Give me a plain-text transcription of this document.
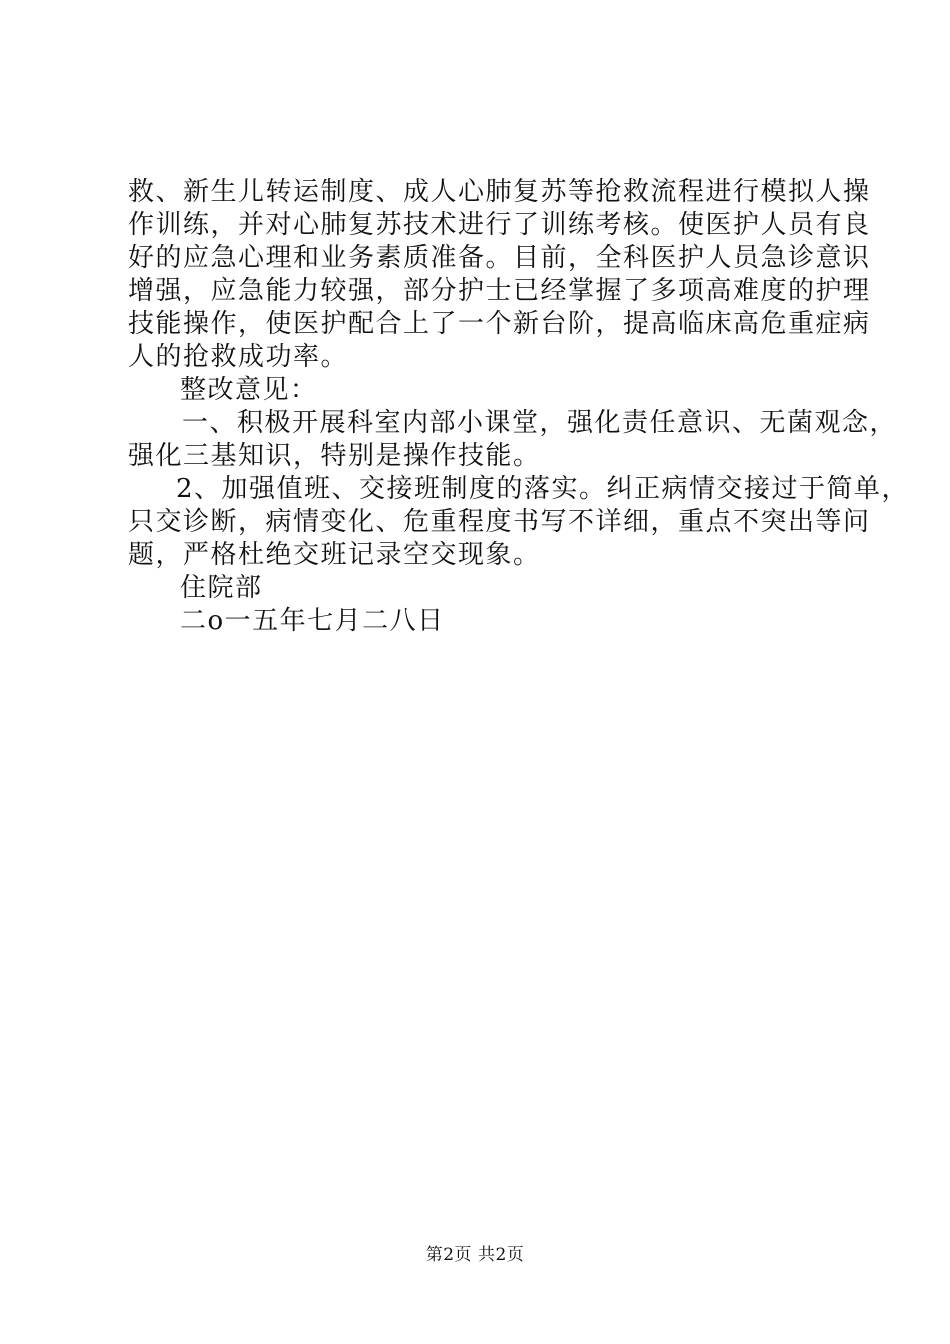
救、新生儿转运制度、成人心肺复苏等抢救流程进行模拟人操
作训练，并对心肺复苏技术进行了训练考核。使医护人员有良
好的应急心理和业务素质准备。目前，全科医护人员急诊意识
增强，应急能力较强，部分护士已经掌握了多项高难度的护理
技能操作，使医护配合上了一个新台阶，提高临床高危重症病
人的抢救成功率。
整改意见：
一、积极开展科室内部小课堂，强化责任意识、无菌观念，
强化三基知识，特别是操作技能。
2、加强值班、交接班制度的落实。纠正病情交接过于简单，
只交诊断，病情变化、危重程度书写不详细，重点不突出等问
题，严格杜绝交班记录空交现象。
住院部
二o一五年七月二八日
第2页 共2页
